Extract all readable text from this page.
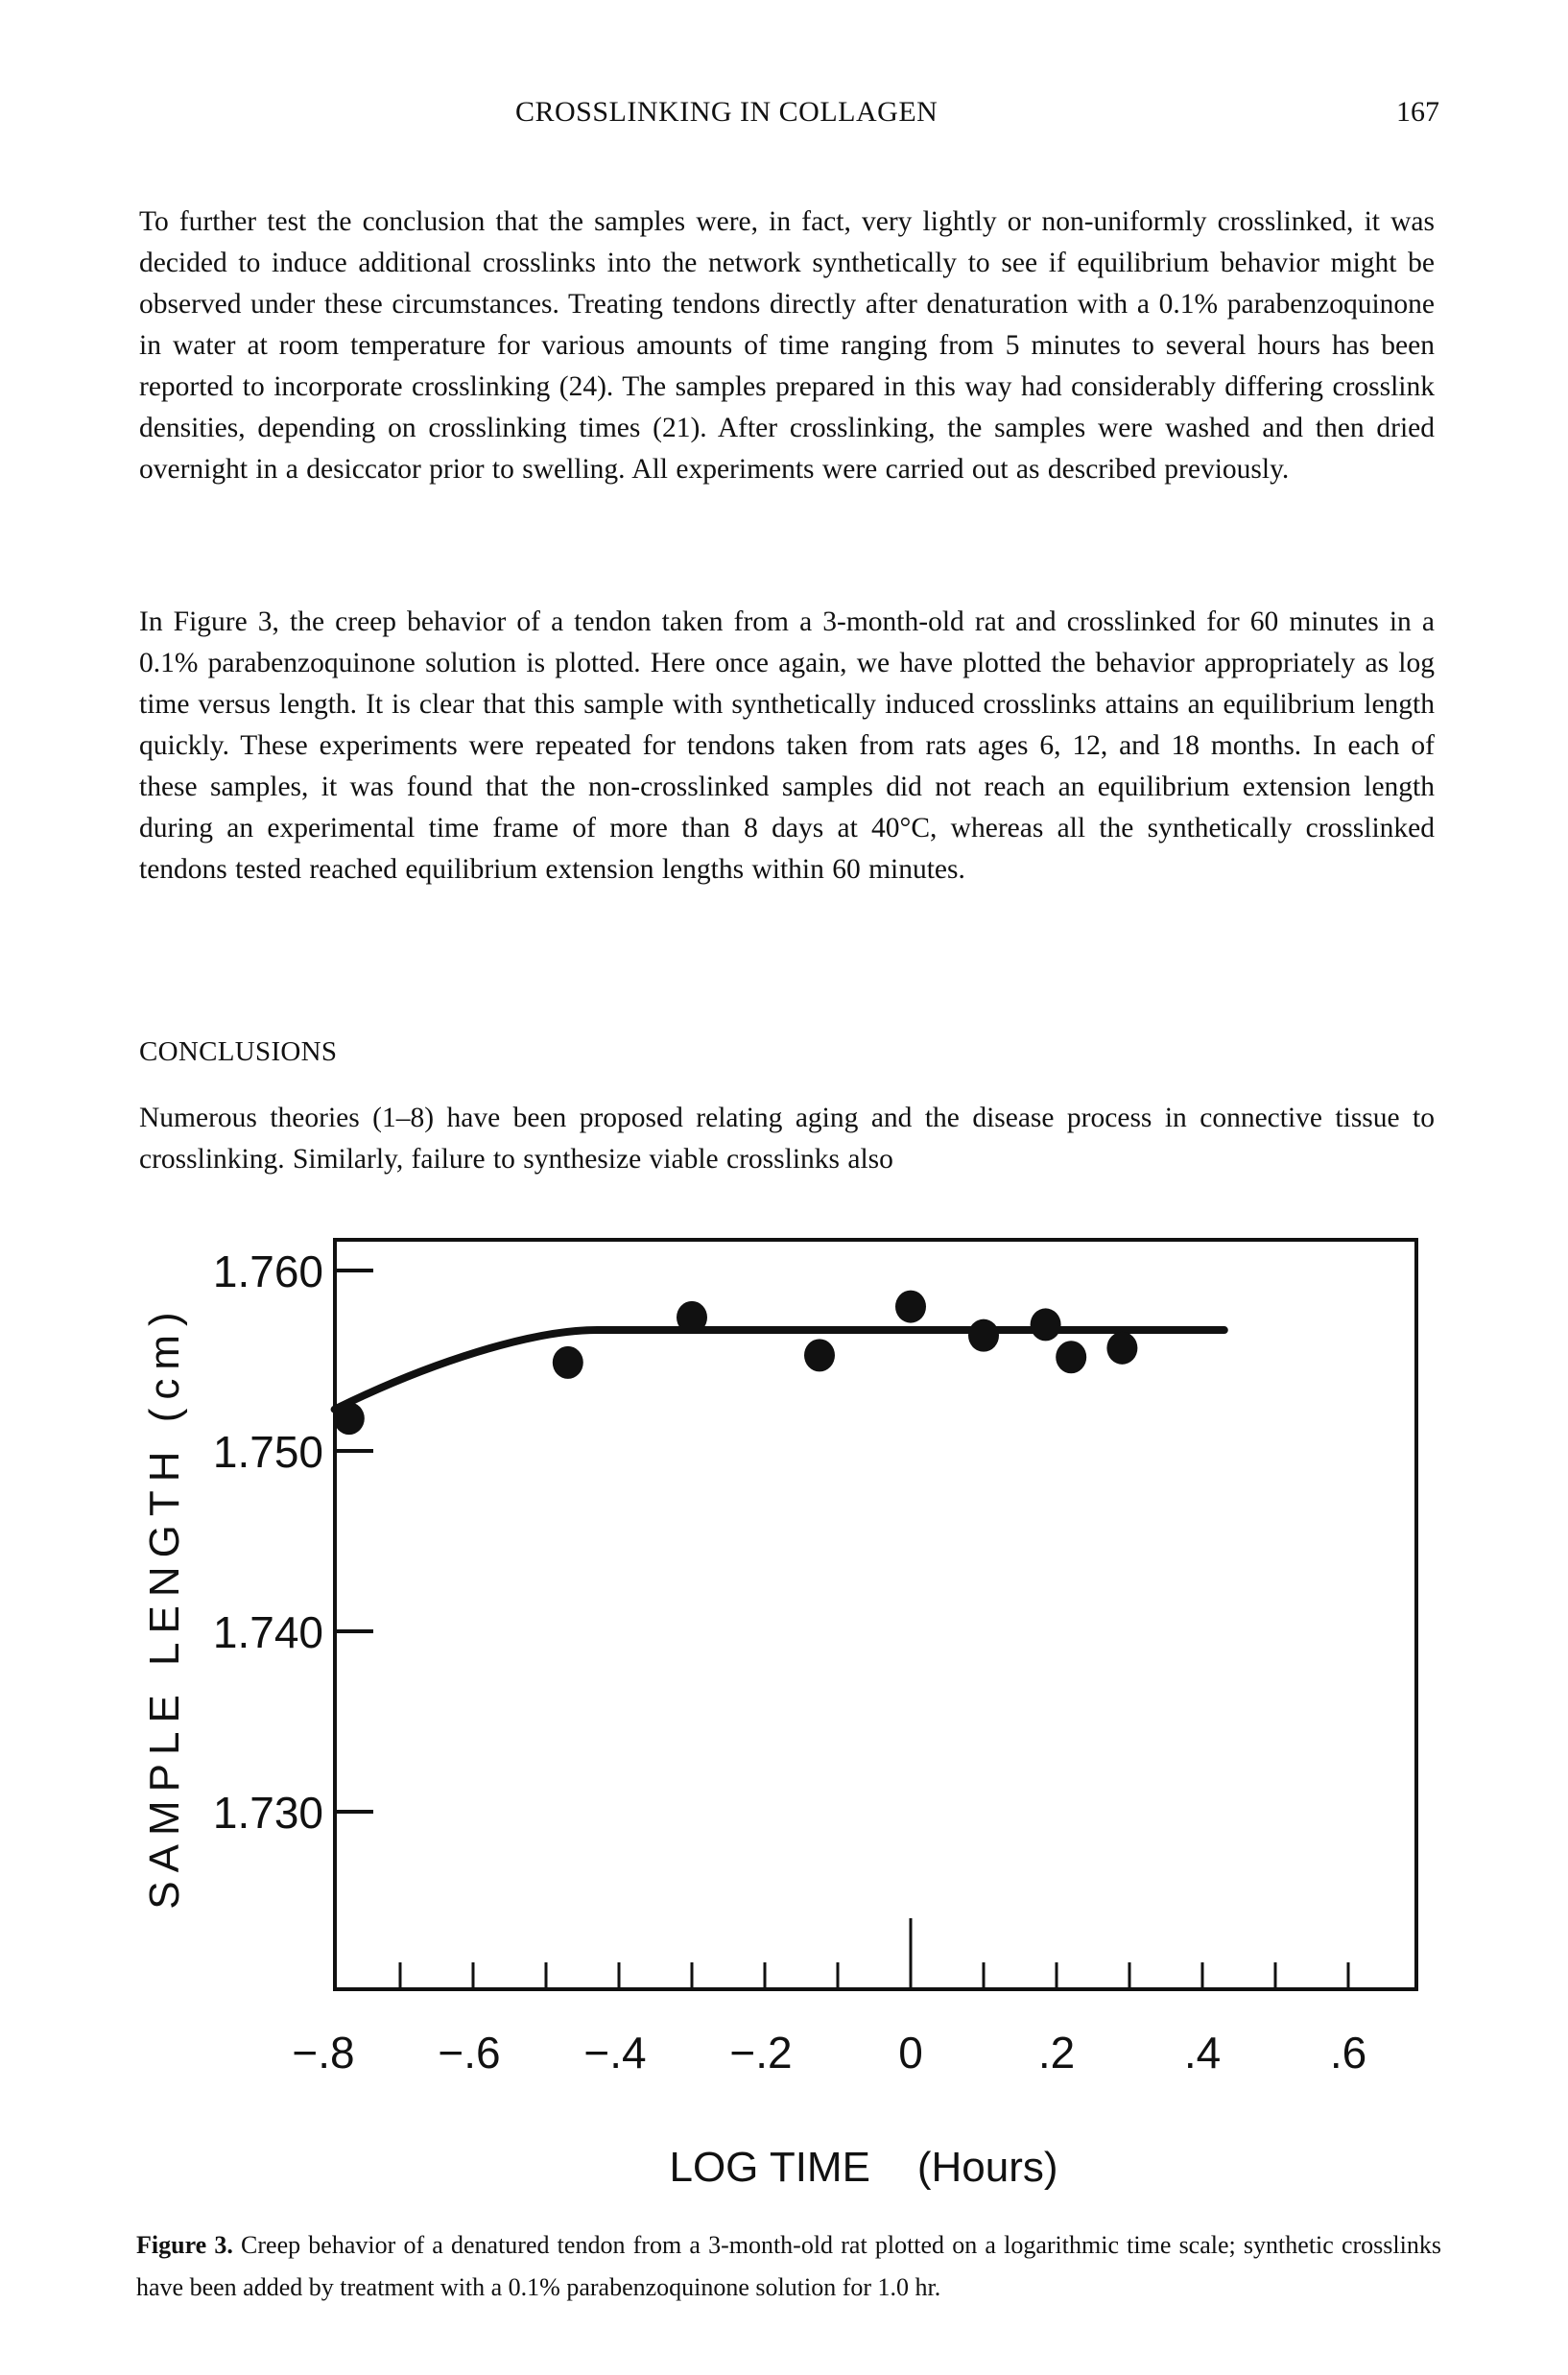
CROSSLINKING IN COLLAGEN	167

To further test the conclusion that the samples were, in fact, very lightly or non-uniformly crosslinked, it was decided to induce additional crosslinks into the network synthetically to see if equilibrium behavior might be observed under these circumstances. Treating tendons directly after denaturation with a 0.1% parabenzoquinone in water at room temperature for various amounts of time ranging from 5 minutes to several hours has been reported to incorporate crosslinking (24). The samples prepared in this way had considerably differing crosslink densities, depending on crosslinking times (21). After crosslinking, the samples were washed and then dried overnight in a desiccator prior to swelling. All experiments were carried out as described previously.

In Figure 3, the creep behavior of a tendon taken from a 3-month-old rat and crosslinked for 60 minutes in a 0.1% parabenzoquinone solution is plotted. Here once again, we have plotted the behavior appropriately as log time versus length. It is clear that this sample with synthetically induced crosslinks attains an equilibrium length quickly. These experiments were repeated for tendons taken from rats ages 6, 12, and 18 months. In each of these samples, it was found that the non-crosslinked samples did not reach an equilibrium extension length during an experimental time frame of more than 8 days at 40°C, whereas all the synthetically crosslinked tendons tested reached equilibrium extension lengths within 60 minutes.

CONCLUSIONS

Numerous theories (1–8) have been proposed relating aging and the disease process in connective tissue to crosslinking. Similarly, failure to synthesize viable crosslinks also

1.760
1.750
1.740
1.730
−.8 −.6 −.4 −.2 0	.2 .4 .6
SAMPLE LENGTH (cm)
LOG TIME    (Hours)

Figure 3. Creep behavior of a denatured tendon from a 3-month-old rat plotted on a logarithmic time scale; synthetic crosslinks have been added by treatment with a 0.1% parabenzoquinone solution for 1.0 hr.
